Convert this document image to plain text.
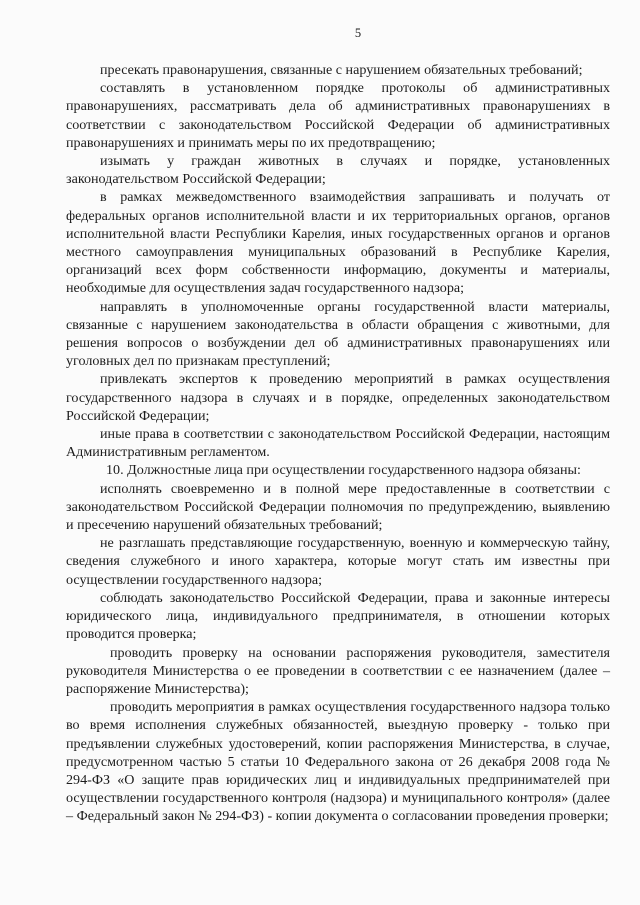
5

пресекать правонарушения, связанные с нарушением обязательных требований;

составлять в установленном порядке протоколы об административных правонарушениях, рассматривать дела об административных правонарушениях в соответствии с законодательством Российской Федерации об административных правонарушениях и принимать меры по их предотвращению;

изымать у граждан животных в случаях и порядке, установленных законодательством Российской Федерации;

в рамках межведомственного взаимодействия запрашивать и получать от федеральных органов исполнительной власти и их территориальных органов, органов исполнительной власти Республики Карелия, иных государственных органов и органов местного самоуправления муниципальных образований в Республике Карелия, организаций всех форм собственности информацию, документы и материалы, необходимые для осуществления задач государственного надзора;

направлять в уполномоченные органы государственной власти материалы, связанные с нарушением законодательства в области обращения с животными, для решения вопросов о возбуждении дел об административных правонарушениях или уголовных дел по признакам преступлений;

привлекать экспертов к проведению мероприятий в рамках осуществления государственного надзора в случаях и в порядке, определенных законодательством Российской Федерации;

иные права в соответствии с законодательством Российской Федерации, настоящим Административным регламентом.

10. Должностные лица при осуществлении государственного надзора обязаны:

исполнять своевременно и в полной мере предоставленные в соответствии с законодательством Российской Федерации полномочия по предупреждению, выявлению и пресечению нарушений обязательных требований;

не разглашать представляющие государственную, военную и коммерческую тайну, сведения служебного и иного характера, которые могут стать им известны при осуществлении государственного надзора;

соблюдать законодательство Российской Федерации, права и законные интересы юридического лица, индивидуального предпринимателя, в отношении которых проводится проверка;

проводить проверку на основании распоряжения руководителя, заместителя руководителя Министерства о ее проведении в соответствии с ее назначением (далее – распоряжение Министерства);

проводить мероприятия в рамках осуществления государственного надзора только во время исполнения служебных обязанностей, выездную проверку - только при предъявлении служебных удостоверений, копии распоряжения Министерства, в случае, предусмотренном частью 5 статьи 10 Федерального закона от 26 декабря 2008 года № 294-ФЗ «О защите прав юридических лиц и индивидуальных предпринимателей при осуществлении государственного контроля (надзора) и муниципального контроля» (далее – Федеральный закон № 294-ФЗ) - копии документа о согласовании проведения проверки;
